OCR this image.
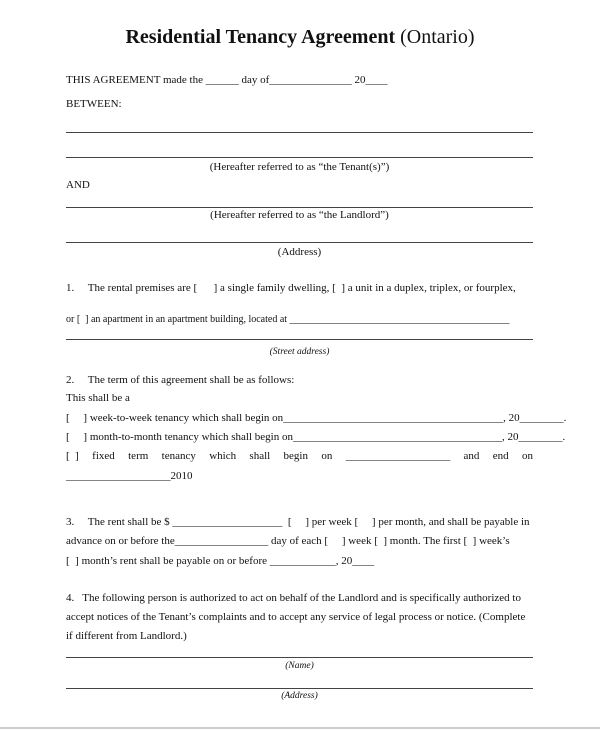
Residential Tenancy Agreement (Ontario)
THIS AGREEMENT made the ______ day of_______________ 20____
BETWEEN:
(Hereafter referred to as “the Tenant(s)”)
AND
(Hereafter referred to as “the Landlord”)
(Address)
1.     The rental premises are [      ] a single family dwelling, [  ] a unit in a duplex, triplex, or fourplex,
or [  ] an apartment in an apartment building, located at ____________________________________________
(Street address)
2.     The term of this agreement shall be as follows:
This shall be a
[     ] week-to-week tenancy which shall begin on________________________________________, 20________.
[     ] month-to-month tenancy which shall begin on______________________________________, 20________.
[  ] fixed term tenancy which shall begin on ___________________ and end on
___________________2010
3.     The rent shall be $ ____________________  [     ] per week [     ] per month, and shall be payable in
advance on or before the_________________ day of each [     ] week [  ] month. The first [  ] week’s
[  ] month’s rent shall be payable on or before ____________, 20____
4.   The following person is authorized to act on behalf of the Landlord and is specifically authorized to
accept notices of the Tenant’s complaints and to accept any service of legal process or notice. (Complete
if different from Landlord.)
(Name)
(Address)
